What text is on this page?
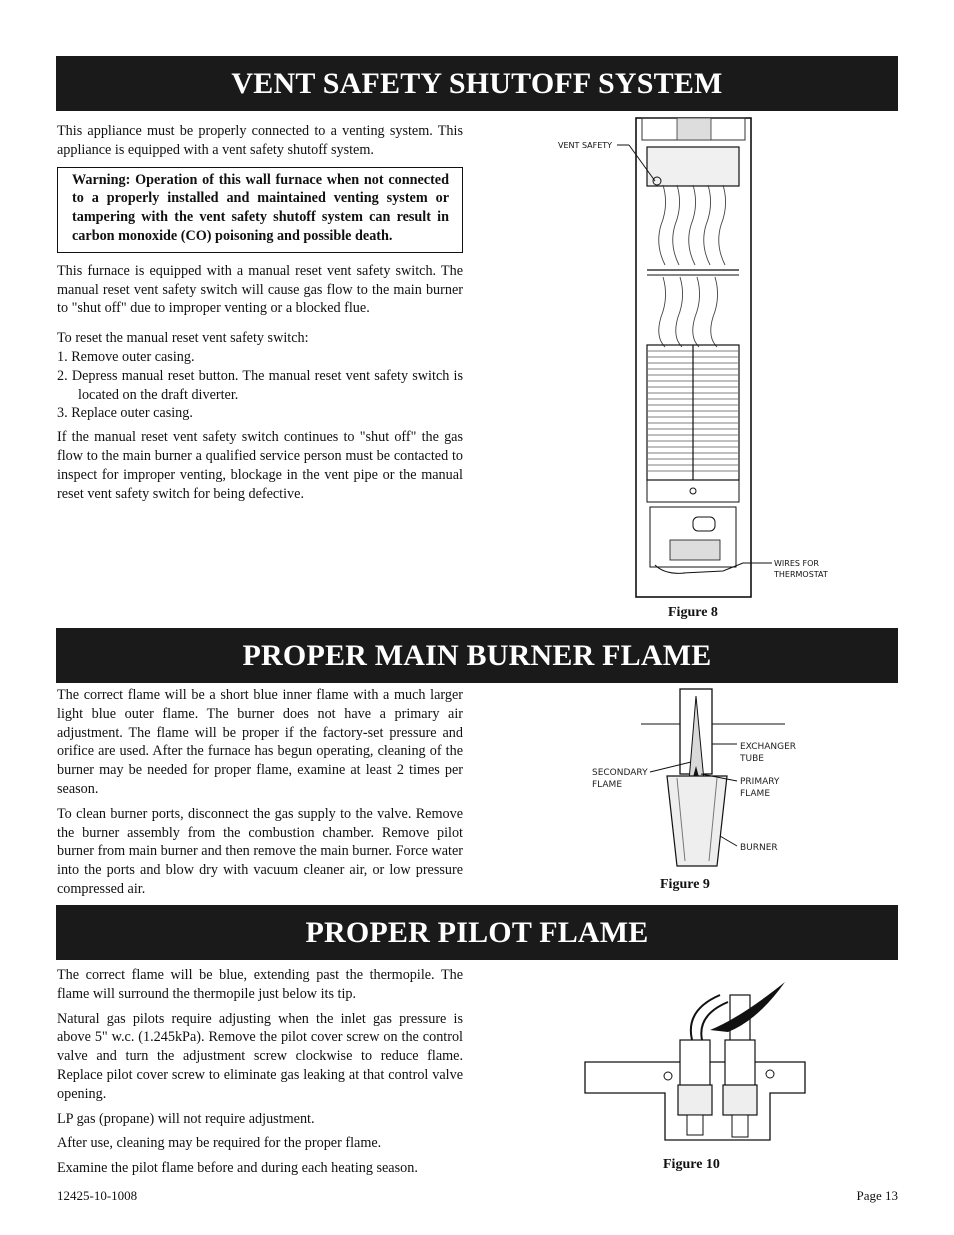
VENT SAFETY SHUTOFF SYSTEM

This appliance must be properly connected to a venting system. This appliance is equipped with a vent safety shutoff system.

Warning: Operation of this wall furnace when not connected to a properly installed and maintained venting system or tampering with the vent safety shutoff system can result in carbon monoxide (CO) poisoning and possible death.

This furnace is equipped with a manual reset vent safety switch. The manual reset vent safety switch will cause gas flow to the main burner to "shut off" due to improper venting or a blocked flue.

To reset the manual reset vent safety switch:

1. Remove outer casing.
2. Depress manual reset button. The manual reset vent safety switch is located on the draft diverter.
3. Replace outer casing.

If the manual reset vent safety switch continues to "shut off" the gas flow to the main burner a qualified service person must be contacted to inspect for improper venting, blockage in the vent pipe or the manual reset vent safety switch for being defective.

VENT SAFETY
WIRES FOR
THERMOSTAT
Figure 8
PROPER MAIN BURNER FLAME

The correct flame will be a short blue inner flame with a much larger light blue outer flame. The burner does not have a primary air adjustment. The flame will be proper if the factory-set pressure and orifice are used. After the furnace has begun operating, cleaning of the burner may be needed for proper flame, examine at least 2 times per season.

To clean burner ports, disconnect the gas supply to the valve. Remove the burner assembly from the combustion chamber. Remove pilot burner from main burner and then remove the main burner. Force water into the ports and blow dry with vacuum cleaner air, or low pressure compressed air.

EXCHANGER
TUBE
SECONDARY
FLAME	PRIMARY
FLAME
BURNER
Figure 9
PROPER PILOT FLAME

The correct flame will be blue, extending past the thermopile. The flame will surround the thermopile just below its tip.

Natural gas pilots require adjusting when the inlet gas pressure is above 5" w.c. (1.245kPa). Remove the pilot cover screw on the control valve and turn the adjustment screw clockwise to reduce flame. Replace pilot cover screw to eliminate gas leaking at that control valve opening.

LP gas (propane) will not require adjustment.

After use, cleaning may be required for the proper flame.

Examine the pilot flame before and during each heating season.	Figure 10
12425-10-1008	Page 13
